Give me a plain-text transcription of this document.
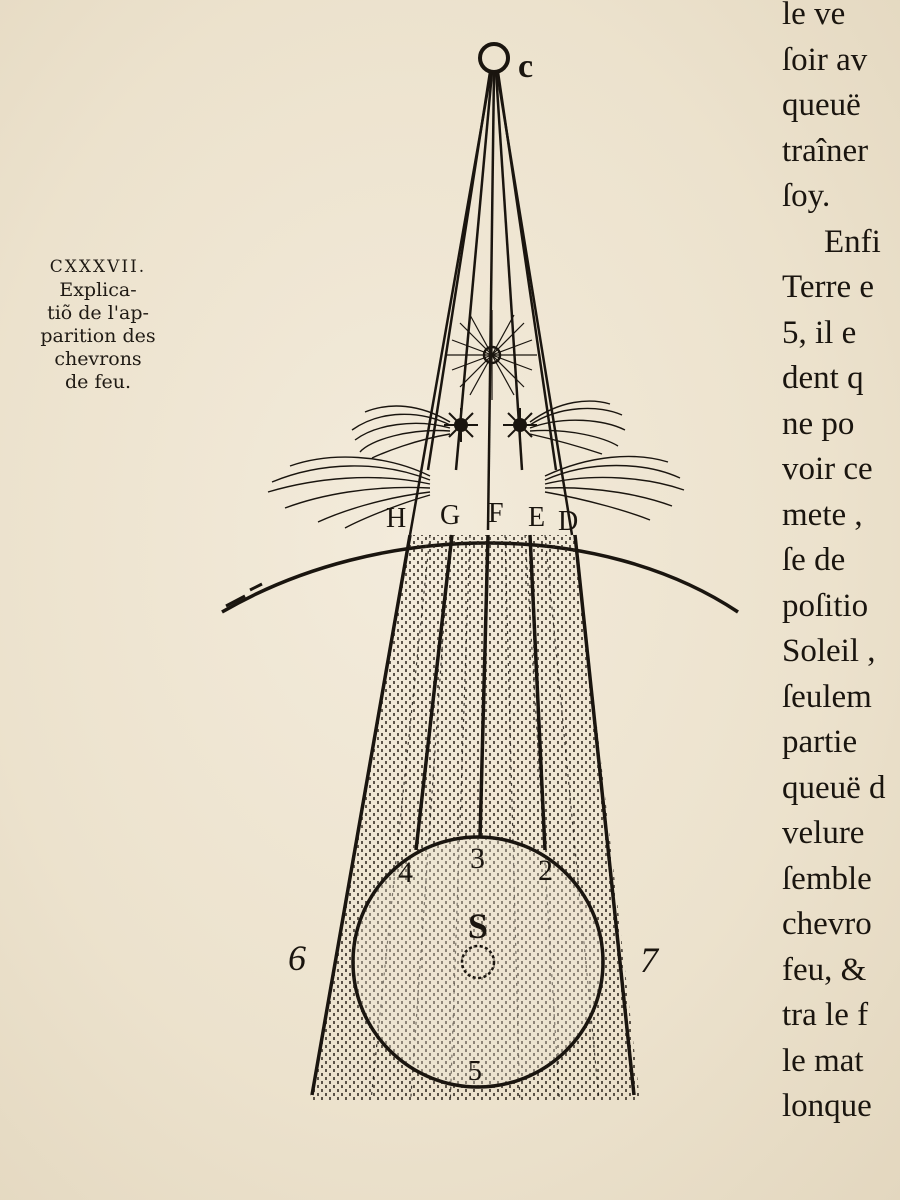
c
H G F E D
4 3 2
5
S
6	7
CXXXVII.
Explica-
tiõ de l'ap-
parition des
chevrons
de feu.
le ve
ſoir av
queuë
traîner
ſoy.
Enfi
Terre e
5, il e
dent q
ne po
voir ce
mete ,
ſe de
poſitio
Soleil ,
ſeulem
partie
queuë d
velure
ſemble
chevro
feu, &
tra le f
le mat
lonque
